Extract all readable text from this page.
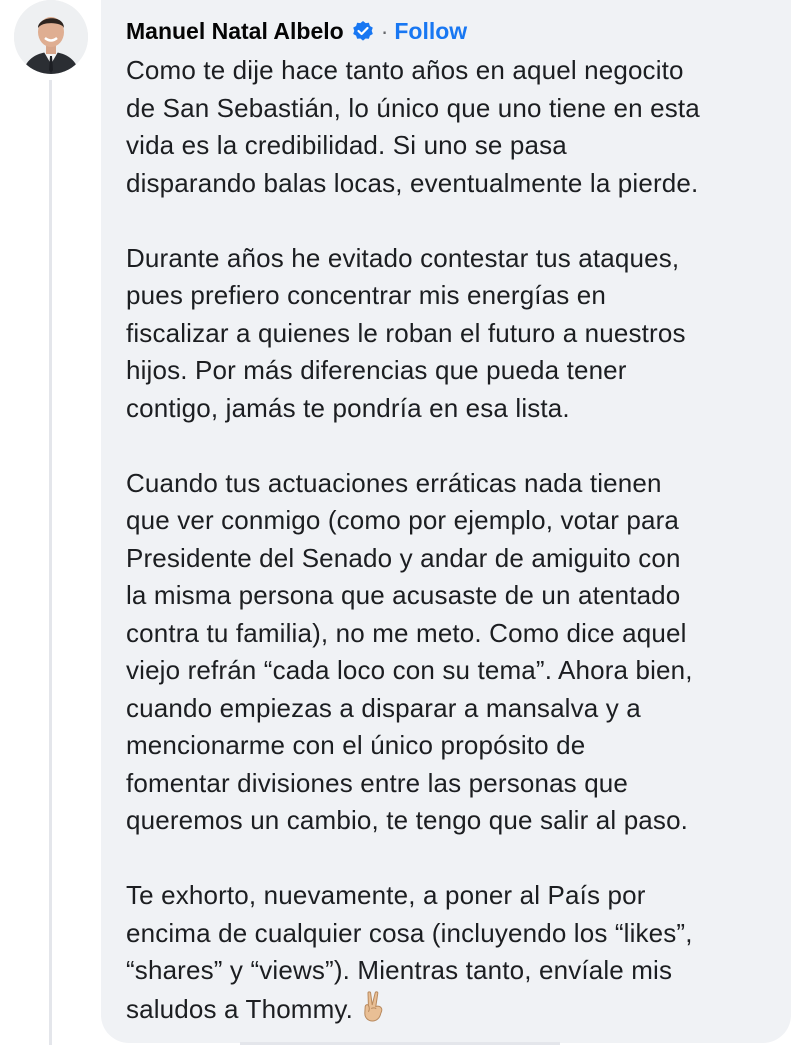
Manuel Natal Albelo · Follow

Como te dije hace tanto años en aquel negocito
de San Sebastián, lo único que uno tiene en esta
vida es la credibilidad. Si uno se pasa
disparando balas locas, eventualmente la pierde.

Durante años he evitado contestar tus ataques,
pues prefiero concentrar mis energías en
fiscalizar a quienes le roban el futuro a nuestros
hijos. Por más diferencias que pueda tener
contigo, jamás te pondría en esa lista.

Cuando tus actuaciones erráticas nada tienen
que ver conmigo (como por ejemplo, votar para
Presidente del Senado y andar de amiguito con
la misma persona que acusaste de un atentado
contra tu familia), no me meto. Como dice aquel
viejo refrán “cada loco con su tema”. Ahora bien,
cuando empiezas a disparar a mansalva y a
mencionarme con el único propósito de
fomentar divisiones entre las personas que
queremos un cambio, te tengo que salir al paso.

Te exhorto, nuevamente, a poner al País por
encima de cualquier cosa (incluyendo los “likes”,
“shares” y “views”). Mientras tanto, envíale mis
saludos a Thommy.
